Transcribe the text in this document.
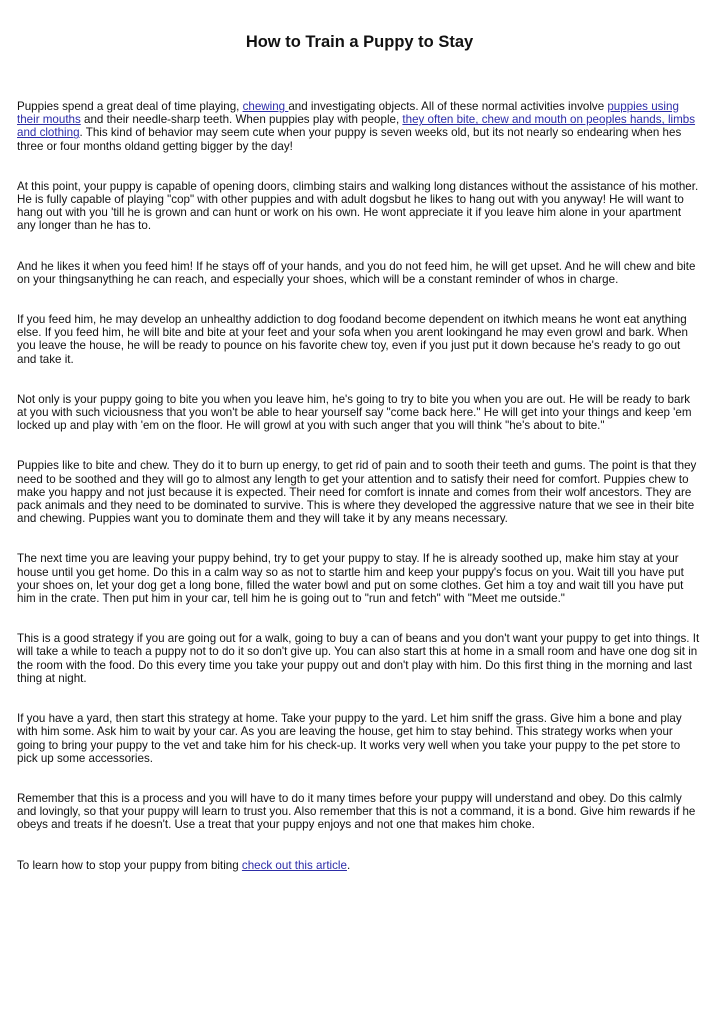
How to Train a Puppy to Stay

Puppies spend a great deal of time playing, chewing and investigating objects. All of these normal activities involve puppies using their mouths and their needle-sharp teeth. When puppies play with people, they often bite, chew and mouth on peoples hands, limbs and clothing. This kind of behavior may seem cute when your puppy is seven weeks old, but its not nearly so endearing when hes three or four months oldand getting bigger by the day!

At this point, your puppy is capable of opening doors, climbing stairs and walking long distances without the assistance of his mother. He is fully capable of playing "cop" with other puppies and with adult dogsbut he likes to hang out with you anyway! He will want to hang out with you 'till he is grown and can hunt or work on his own. He wont appreciate it if you leave him alone in your apartment any longer than he has to.

And he likes it when you feed him! If he stays off of your hands, and you do not feed him, he will get upset. And he will chew and bite on your thingsanything he can reach, and especially your shoes, which will be a constant reminder of whos in charge.

If you feed him, he may develop an unhealthy addiction to dog foodand become dependent on itwhich means he wont eat anything else. If you feed him, he will bite and bite at your feet and your sofa when you arent lookingand he may even growl and bark. When you leave the house, he will be ready to pounce on his favorite chew toy, even if you just put it down because he's ready to go out and take it.

Not only is your puppy going to bite you when you leave him, he's going to try to bite you when you are out. He will be ready to bark at you with such viciousness that you won't be able to hear yourself say "come back here." He will get into your things and keep 'em locked up and play with 'em on the floor. He will growl at you with such anger that you will think "he's about to bite."

Puppies like to bite and chew. They do it to burn up energy, to get rid of pain and to sooth their teeth and gums. The point is that they need to be soothed and they will go to almost any length to get your attention and to satisfy their need for comfort. Puppies chew to make you happy and not just because it is expected. Their need for comfort is innate and comes from their wolf ancestors. They are pack animals and they need to be dominated to survive. This is where they developed the aggressive nature that we see in their bite and chewing. Puppies want you to dominate them and they will take it by any means necessary.

The next time you are leaving your puppy behind, try to get your puppy to stay. If he is already soothed up, make him stay at your house until you get home. Do this in a calm way so as not to startle him and keep your puppy's focus on you. Wait till you have put your shoes on, let your dog get a long bone, filled the water bowl and put on some clothes. Get him a toy and wait till you have put him in the crate. Then put him in your car, tell him he is going out to "run and fetch" with "Meet me outside."

This is a good strategy if you are going out for a walk, going to buy a can of beans and you don't want your puppy to get into things. It will take a while to teach a puppy not to do it so don't give up. You can also start this at home in a small room and have one dog sit in the room with the food. Do this every time you take your puppy out and don't play with him. Do this first thing in the morning and last thing at night.

If you have a yard, then start this strategy at home. Take your puppy to the yard. Let him sniff the grass. Give him a bone and play with him some. Ask him to wait by your car. As you are leaving the house, get him to stay behind. This strategy works when your going to bring your puppy to the vet and take him for his check-up. It works very well when you take your puppy to the pet store to pick up some accessories.

Remember that this is a process and you will have to do it many times before your puppy will understand and obey. Do this calmly and lovingly, so that your puppy will learn to trust you. Also remember that this is not a command, it is a bond. Give him rewards if he obeys and treats if he doesn't. Use a treat that your puppy enjoys and not one that makes him choke.

To learn how to stop your puppy from biting check out this article.
